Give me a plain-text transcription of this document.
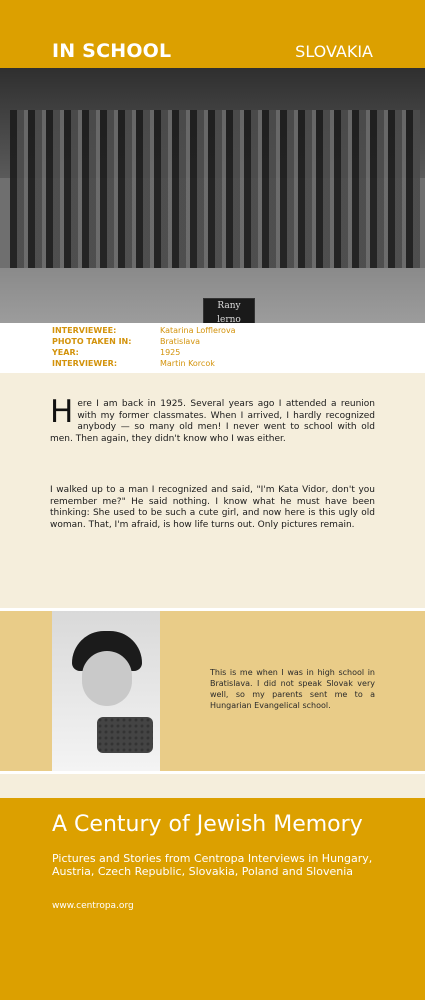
IN SCHOOL	SLOVAKIA
Rany
lerno
INTERVIEWEE:	Katarina Lofflerova
PHOTO TAKEN IN:	Bratislava
YEAR:	1925
INTERVIEWER:	Martin Korcok

Here I am back in 1925. Several years ago I attended a reunion with my former classmates. When I arrived, I hardly recognized anybody — so many old men! I never went to school with old men. Then again, they didn't know who I was either.

I walked up to a man I recognized and said, "I'm Kata Vidor, don't you remember me?" He said nothing. I know what he must have been thinking: She used to be such a cute girl, and now here is this ugly old woman. That, I'm afraid, is how life turns out. Only pictures remain.

This is me when I was in high school in Bratislava. I did not speak Slovak very well, so my parents sent me to a Hungarian Evangelical school.
A Century of Jewish Memory
Pictures and Stories from Centropa Interviews in Hungary, Austria, Czech Republic, Slovakia, Poland and Slovenia
www.centropa.org
